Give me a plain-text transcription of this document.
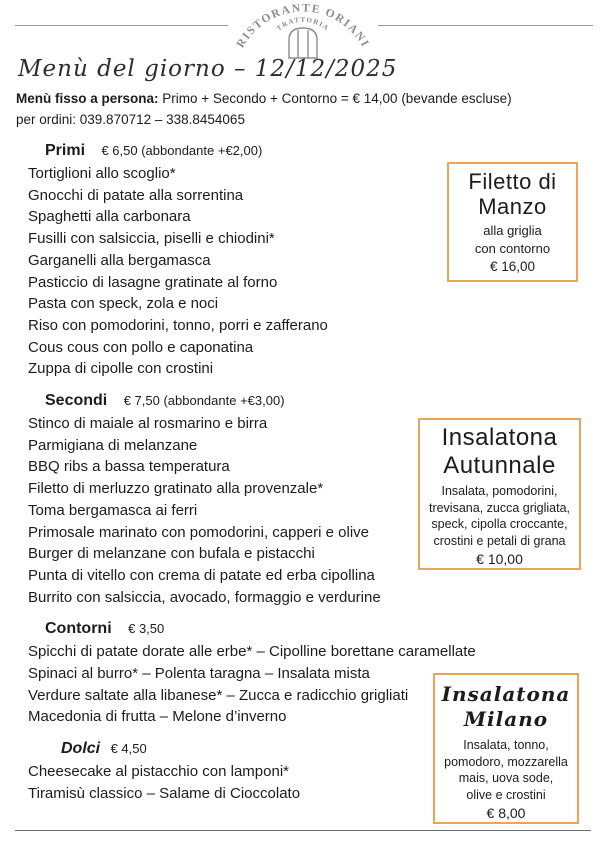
RISTORANTE ORIANI
TRATTORIA
Menù del giorno – 12/12/2025
Menù fisso a persona: Primo + Secondo + Contorno = € 14,00 (bevande escluse)
per ordini: 039.870712 – 338.8454065
Primi € 6,50 (abbondante +€2,00)
Tortiglioni allo scoglio*
Gnocchi di patate alla sorrentina
Spaghetti alla carbonara
Fusilli con salsiccia, piselli e chiodini*
Garganelli alla bergamasca
Pasticcio di lasagne gratinate al forno
Pasta con speck, zola e noci
Riso con pomodorini, tonno, porri e zafferano
Cous cous con pollo e caponatina
Zuppa di cipolle con crostini
Secondi € 7,50 (abbondante +€3,00)
Stinco di maiale al rosmarino e birra
Parmigiana di melanzane
BBQ ribs a bassa temperatura
Filetto di merluzzo gratinato alla provenzale*
Toma bergamasca ai ferri
Primosale marinato con pomodorini, capperi e olive
Burger di melanzane con bufala e pistacchi
Punta di vitello con crema di patate ed erba cipollina
Burrito con salsiccia, avocado, formaggio e verdurine
Contorni € 3,50
Spicchi di patate dorate alle erbe* – Cipolline borettane caramellate
Spinaci al burro* – Polenta taragna – Insalata mista
Verdure saltate alla libanese* – Zucca e radicchio grigliati
Macedonia di frutta – Melone d’inverno
Dolci € 4,50
Cheesecake al pistacchio con lamponi*
Tiramisù classico – Salame di Cioccolato
Filetto di
Manzo
alla griglia
con contorno
€ 16,00
Insalatona
Autunnale
Insalata, pomodorini,
trevisana, zucca grigliata,
speck, cipolla croccante,
crostini e petali di grana
€ 10,00
Insalatona
Milano
Insalata, tonno,
pomodoro, mozzarella
mais, uova sode,
olive e crostini
€ 8,00
